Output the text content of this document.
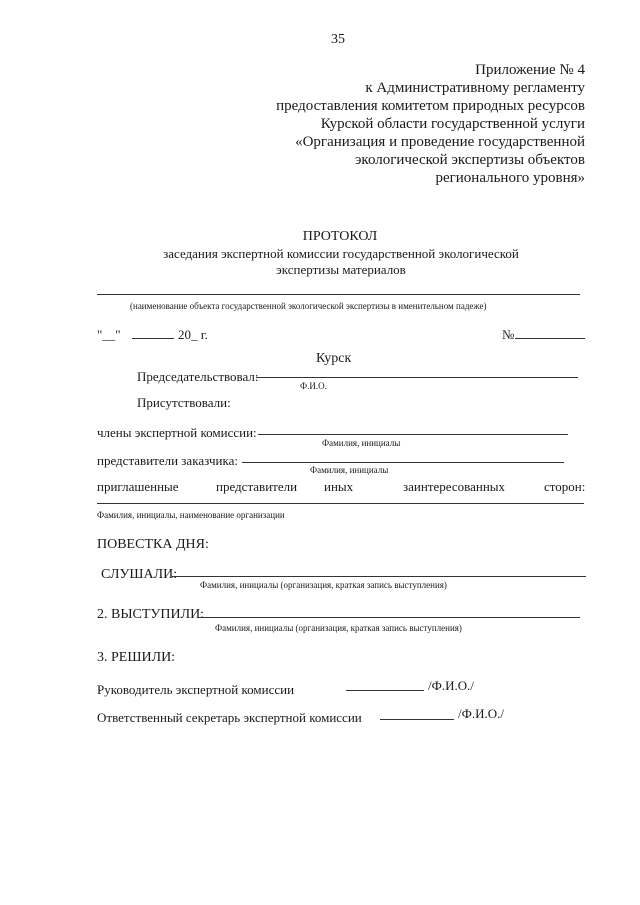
35
Приложение № 4
к Административному регламенту
предоставления комитетом природных ресурсов
Курской области государственной услуги
«Организация и проведение государственной
экологической экспертизы объектов
регионального уровня»
ПРОТОКОЛ
заседания экспертной комиссии государственной экологической
экспертизы материалов
(наименование объекта государственной экологической экспертизы в именительном падеже)
"__"	20_ г.	№
Курск
Председательствовал:
Ф.И.О.
Присутствовали:
члены экспертной комиссии:
Фамилия, инициалы
представители заказчика:
Фамилия, инициалы
приглашенные	представители иных	заинтересованных	сторон:
Фамилия, инициалы, наименование организации
ПОВЕСТКА ДНЯ:
СЛУШАЛИ:
Фамилия, инициалы (организация, краткая запись выступления)
2. ВЫСТУПИЛИ:
Фамилия, инициалы (организация, краткая запись выступления)
3. РЕШИЛИ:
Руководитель экспертной комиссии	/Ф.И.О./
Ответственный секретарь экспертной комиссии	/Ф.И.О./
